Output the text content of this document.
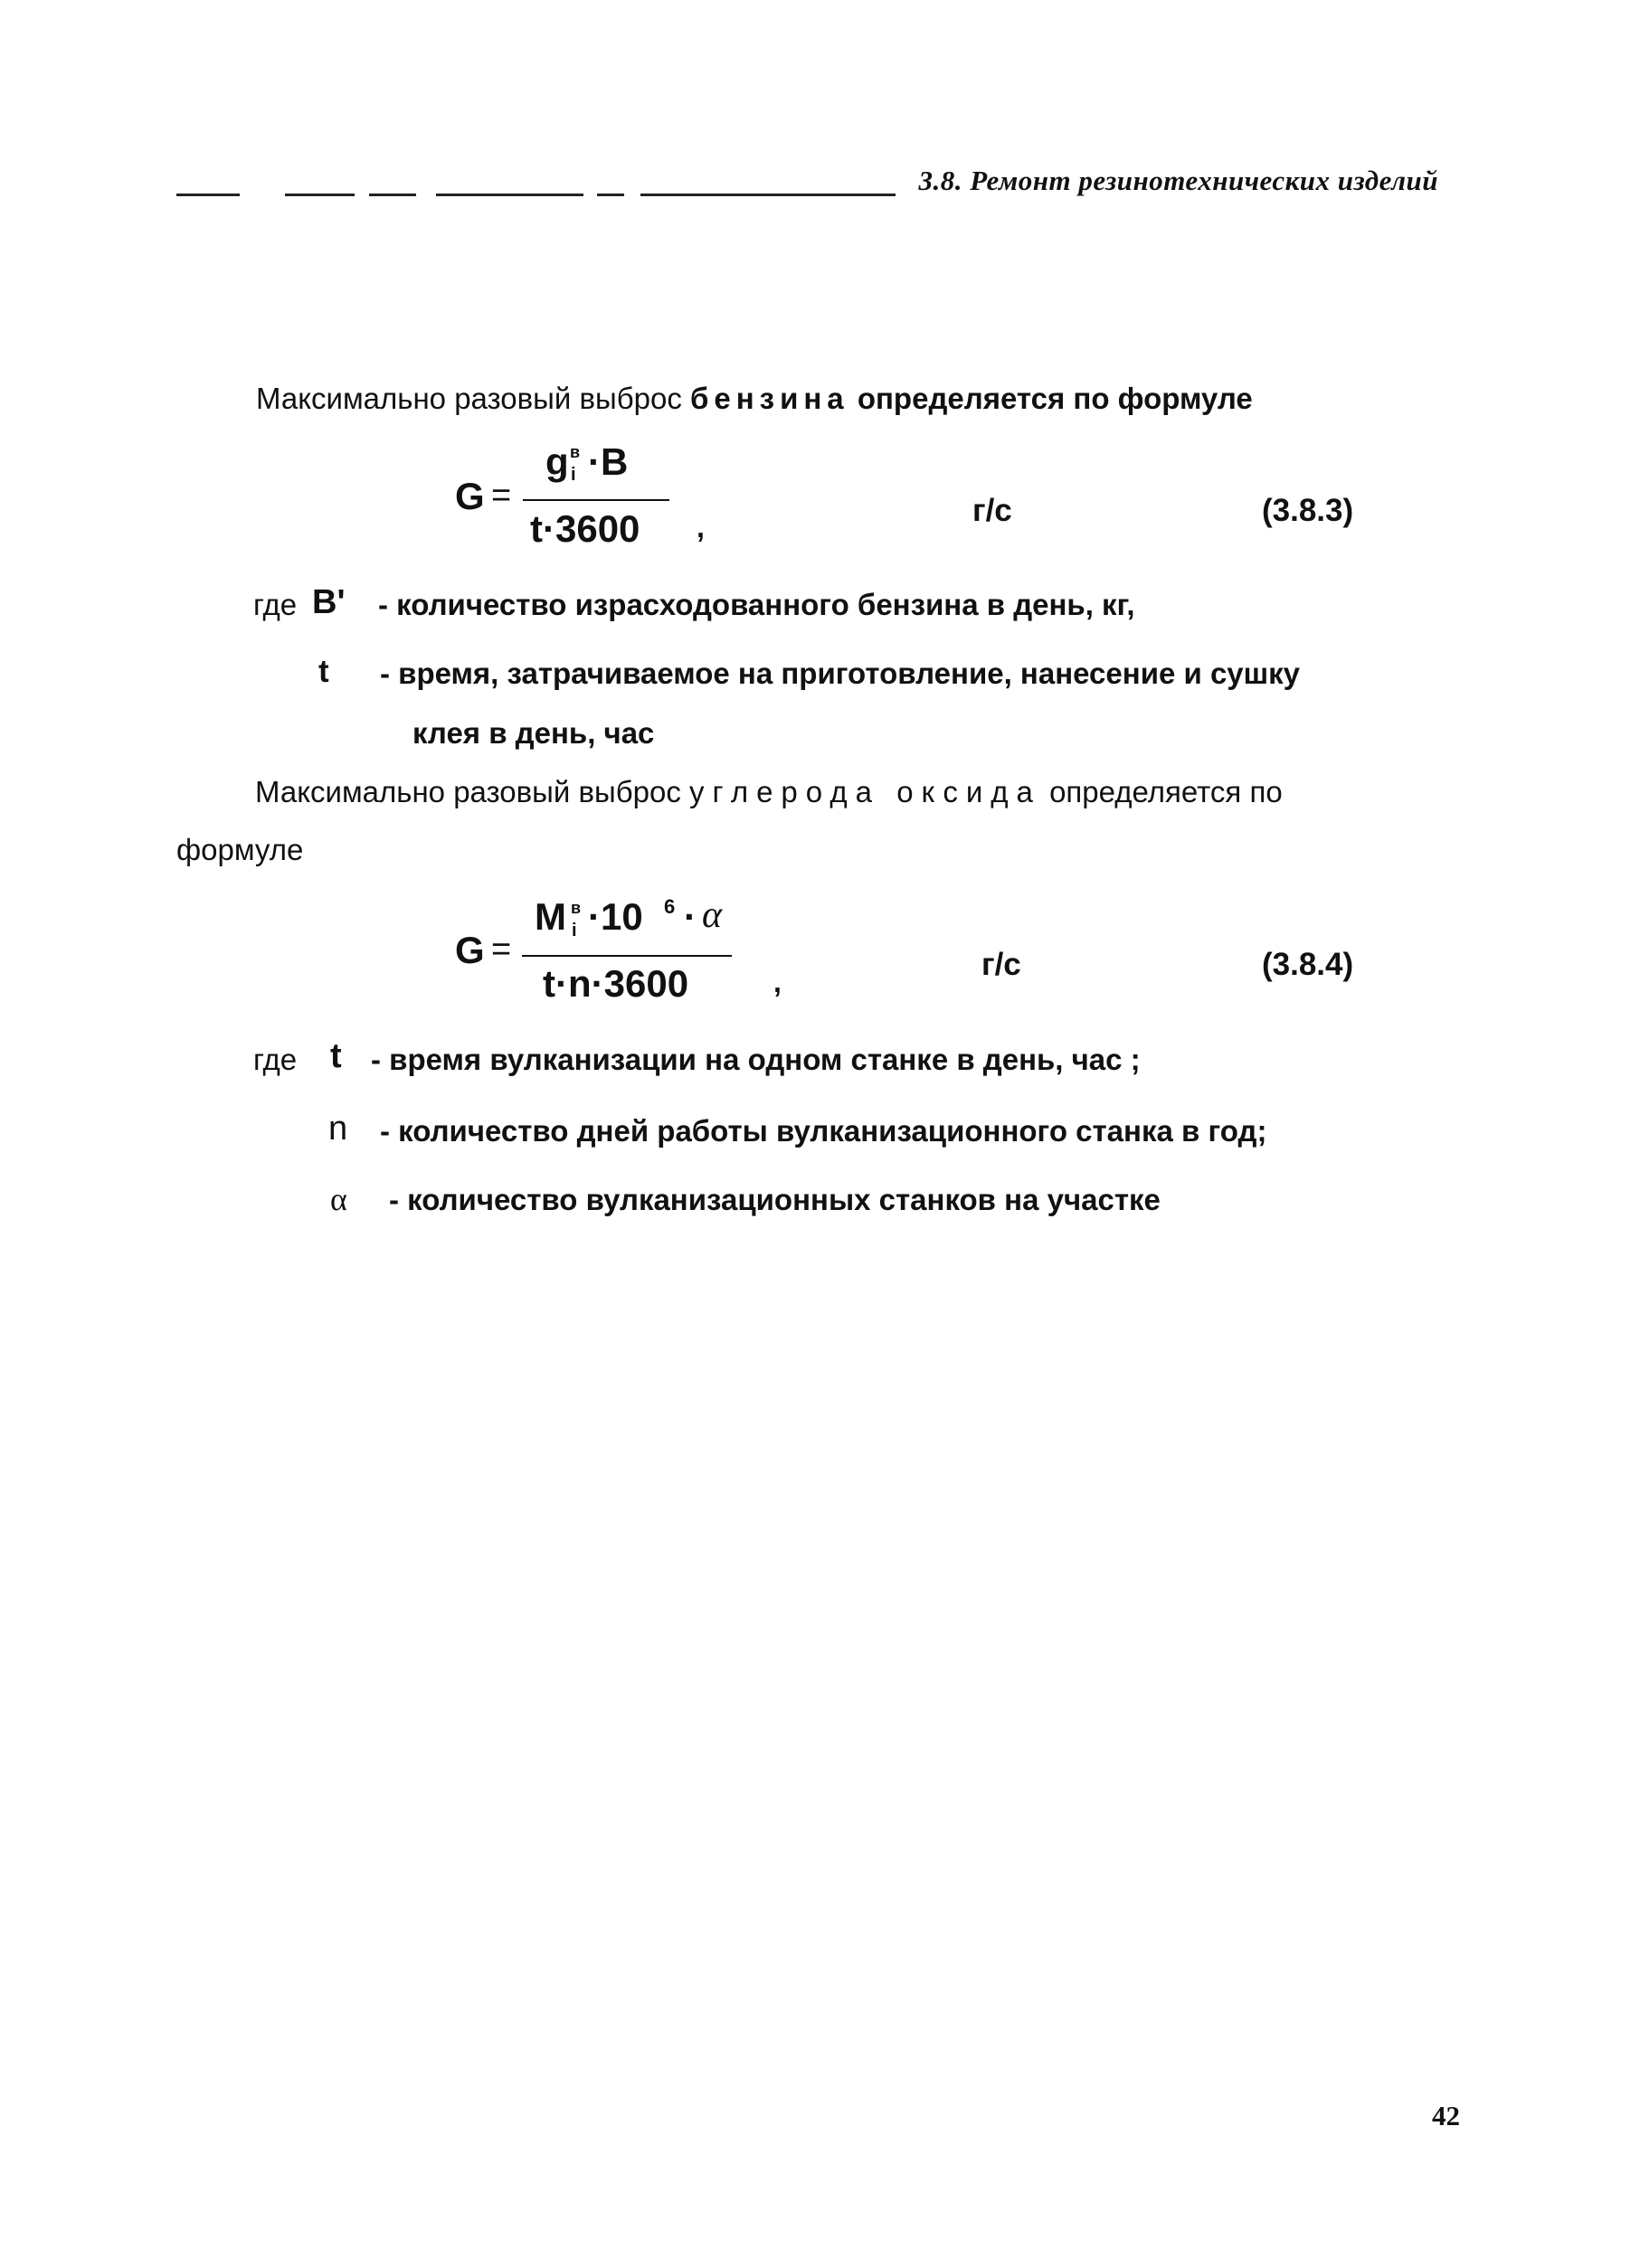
3.8. Ремонт резинотехнических изделий
Максимально разовый выброс бензина определяется по формуле
G =
g в
i ·B
t·3600 ,	г/с	(3.8.3)
где B' - количество израсходованного бензина в день, кг,
t - время, затрачиваемое на приготовление, нанесение и сушку
клея в день, час
Максимально разовый выброс углерода оксида определяется по
формуле
G =
M в
i ·10 6 · α
t·n·3600	,	г/с	(3.8.4)
где t - время вулканизации на одном станке в день, час ;
n - количество дней работы вулканизационного станка в год;
α - количество вулканизационных станков на участке
42
